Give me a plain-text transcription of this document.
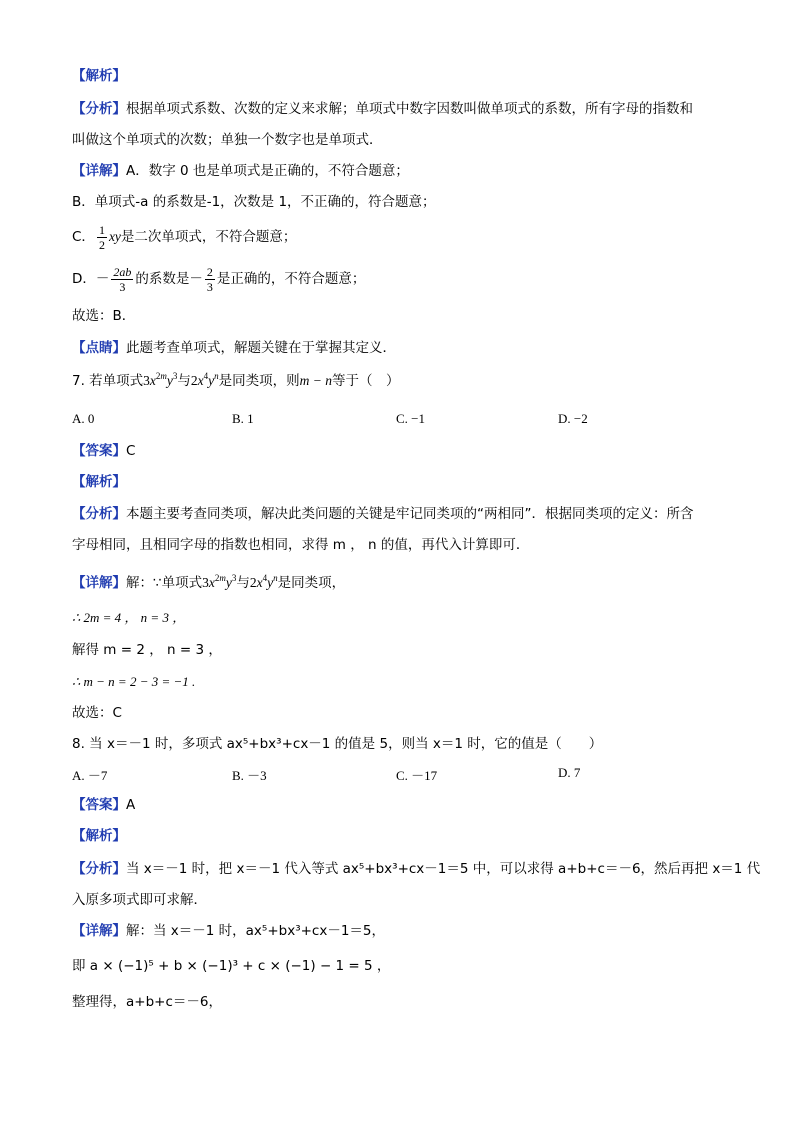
【解析】
【分析】根据单项式系数、次数的定义来求解；单项式中数字因数叫做单项式的系数，所有字母的指数和
叫做这个单项式的次数；单独一个数字也是单项式．
【详解】A．数字 0 也是单项式是正确的，不符合题意；
B．单项式-a 的系数是-1，次数是 1，不正确的，符合题意；
C． $\frac{1}{2}$ xy是二次单项式，不符合题意；
D．－ $\frac{2ab}{3}$ 的系数是－ $\frac{2}{3}$ 是正确的，不符合题意；
故选：B．
【点睛】此题考查单项式，解题关键在于掌握其定义．
7. 若单项式$3x^{2m}y^3$与$2x^4y^n$是同类项，则m − n等于（　）
A. 0	B. 1	C. −1	D. −2
【答案】C
【解析】
【分析】本题主要考查同类项，解决此类问题的关键是牢记同类项的“两相同”．根据同类项的定义：所含
字母相同，且相同字母的指数也相同，求得 m ， n 的值，再代入计算即可．
【详解】解：∵单项式$3x^{2m}y^3$与$2x^4y^n$是同类项，
∴ 2m = 4 ， n = 3 ，
解得 m = 2 ， n = 3 ，
∴ m − n = 2 − 3 = −1 .
故选：C
8. 当 x＝－1 时，多项式 ax⁵+bx³+cx－1 的值是 5，则当 x＝1 时，它的值是（　　）
A. －7	B. －3	C. －17	D. 7
【答案】A
【解析】
【分析】当 x＝－1 时，把 x＝－1 代入等式 ax⁵+bx³+cx－1＝5 中，可以求得 a+b+c＝－6，然后再把 x＝1 代
入原多项式即可求解．
【详解】解：当 x＝－1 时，ax⁵+bx³+cx－1＝5，
即 a × (−1)⁵ + b × (−1)³ + c × (−1) − 1 = 5 ，
整理得，a+b+c＝－6，
